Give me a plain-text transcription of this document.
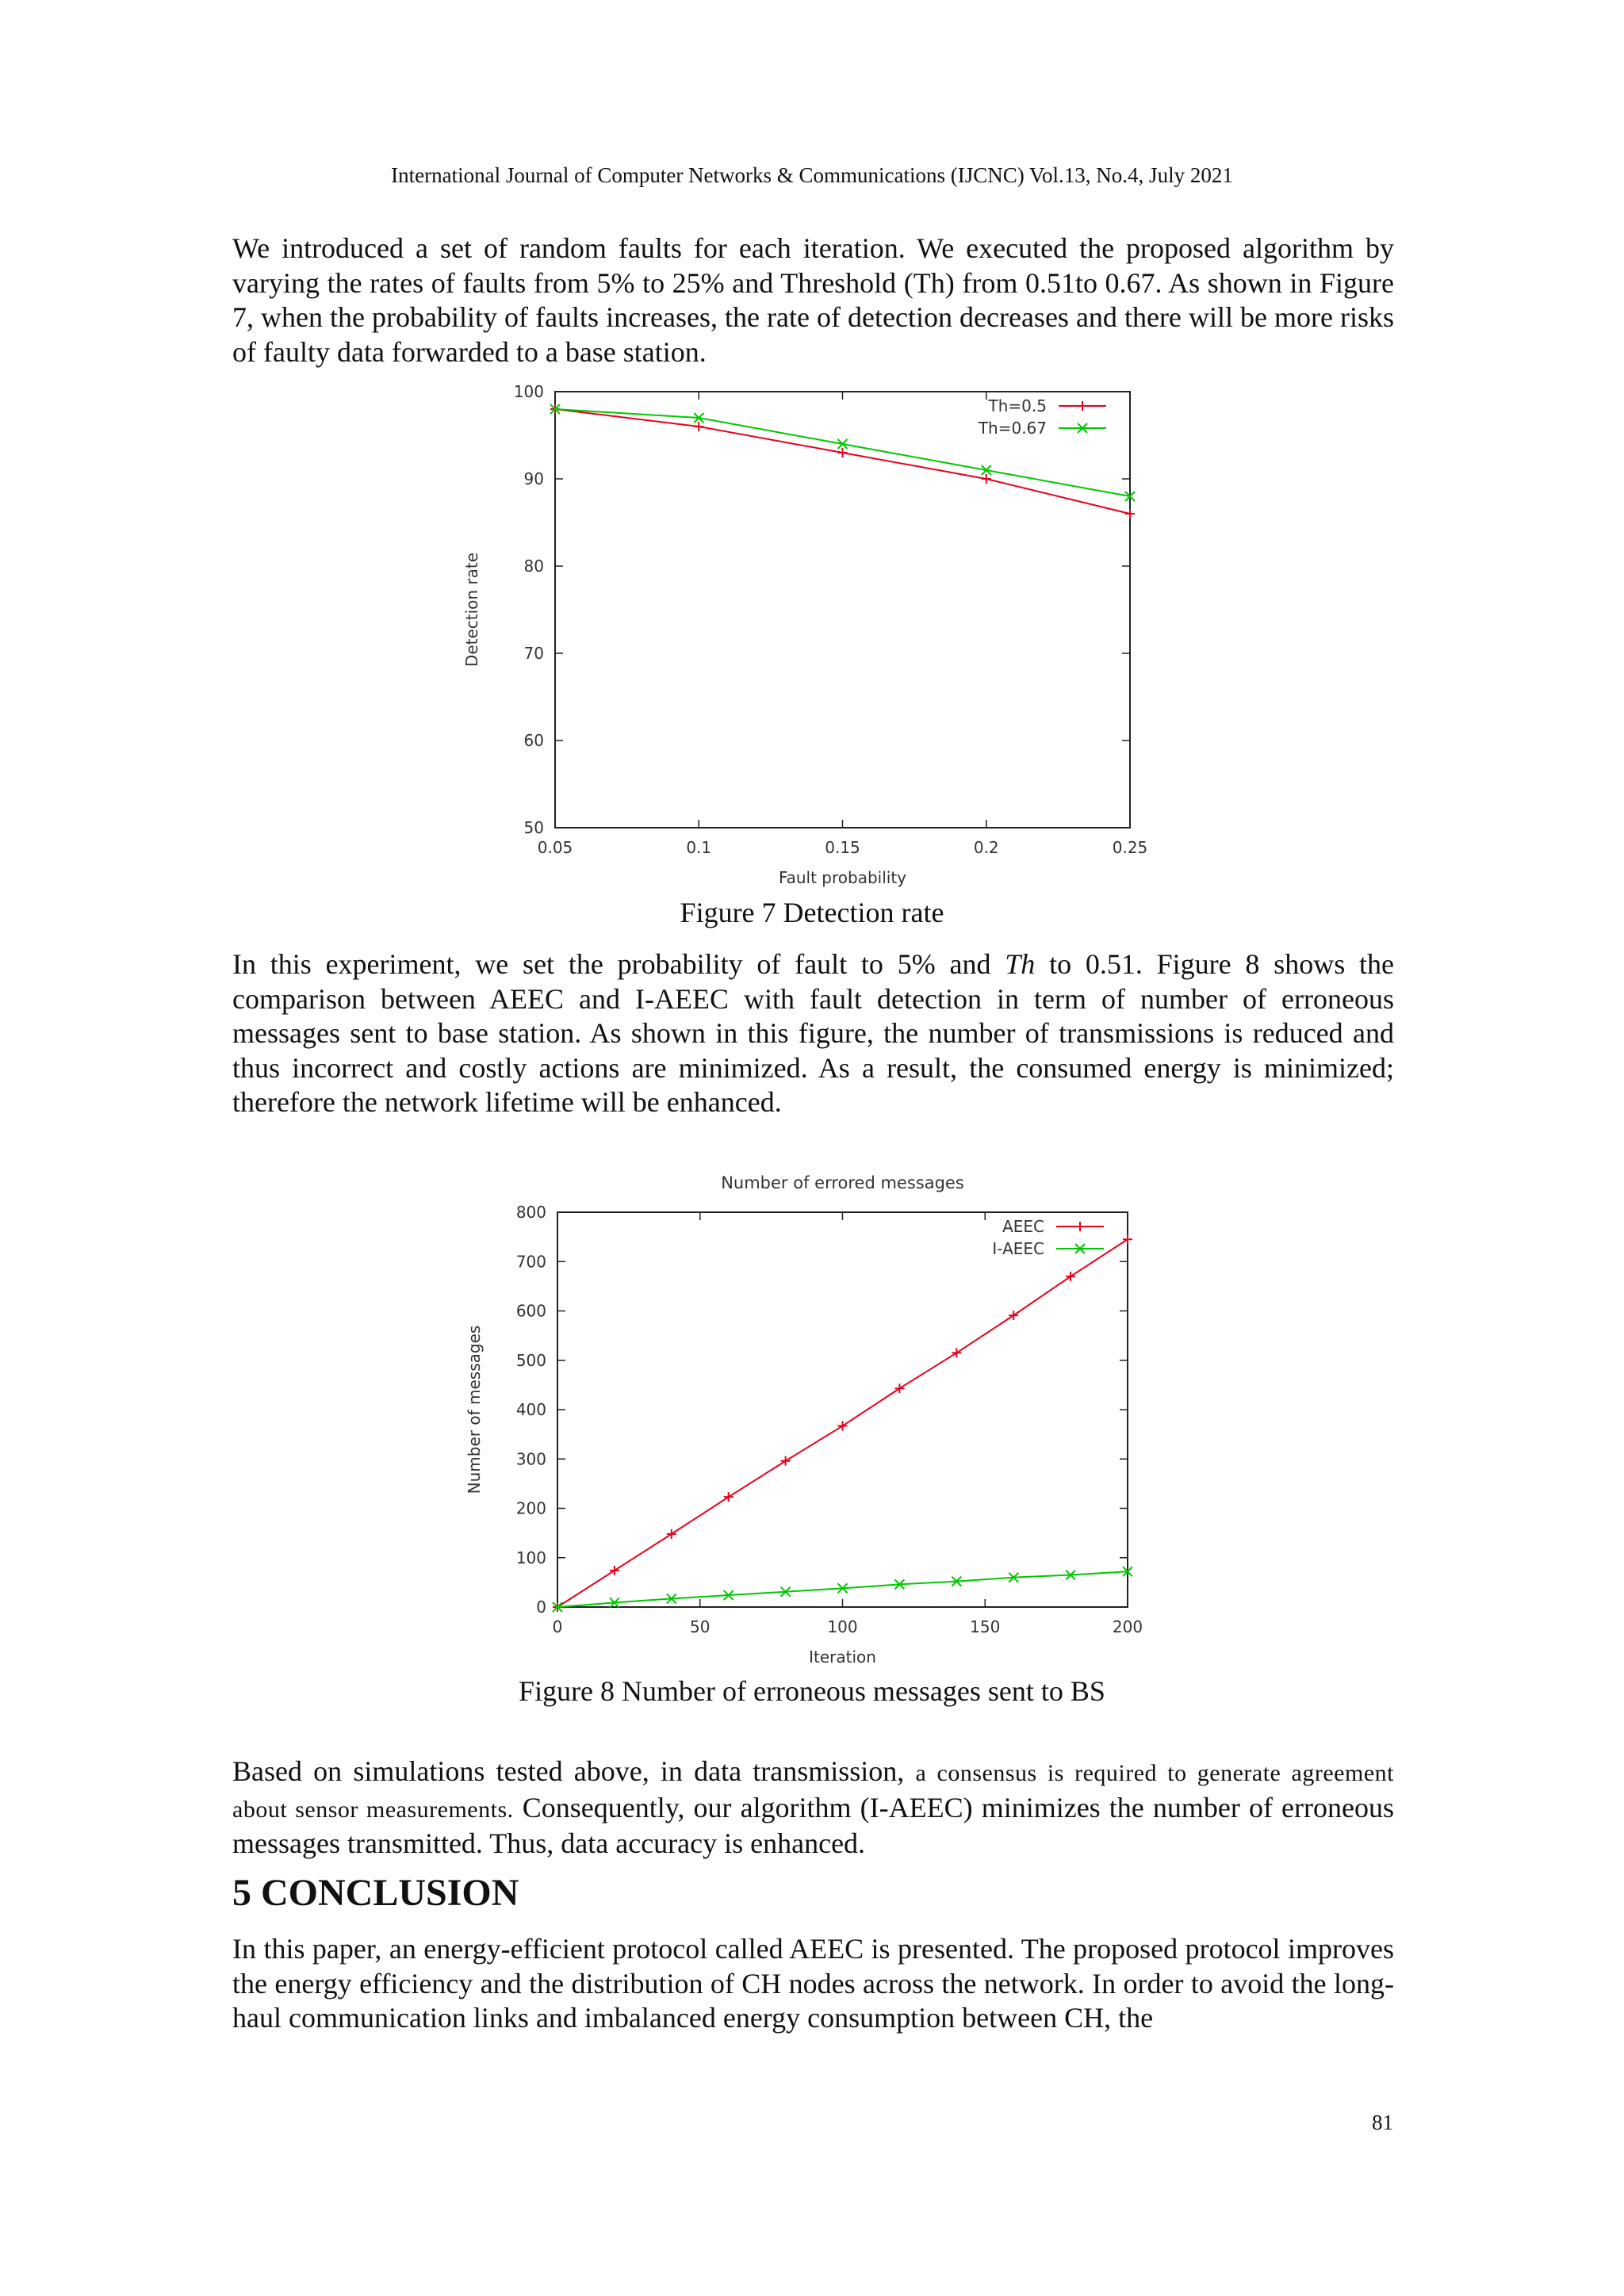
International Journal of Computer Networks & Communications (IJCNC) Vol.13, No.4, July 2021

We introduced a set of random faults for each iteration. We executed the proposed algorithm by varying the rates of faults from 5% to 25% and Threshold (Th) from 0.51to 0.67. As shown in Figure 7, when the probability of faults increases, the rate of detection decreases and there will be more risks of faulty data forwarded to a base station.

50
60
70
80
90
100
0.05	0.1	0.15	0.2	0.25
Fault probability
Detection rate
Th=0.5
Th=0.67
Figure 7 Detection rate

In this experiment, we set the probability of fault to 5% and Th to 0.51. Figure 8 shows the comparison between AEEC and I-AEEC with fault detection in term of number of erroneous messages sent to base station. As shown in this figure, the number of transmissions is reduced and thus incorrect and costly actions are minimized. As a result, the consumed energy is minimized; therefore the network lifetime will be enhanced.

Number of errored messages
0
100
200
300
400
500
600
700
800
0	50	100	150	200
Iteration
Number of messages
AEEC
I-AEEC
Figure 8 Number of erroneous messages sent to BS

Based on simulations tested above, in data transmission, a consensus is required to generate agreement about sensor measurements. Consequently, our algorithm (I-AEEC) minimizes the number of erroneous messages transmitted. Thus, data accuracy is enhanced.

5 CONCLUSION

In this paper, an energy-efficient protocol called AEEC is presented. The proposed protocol improves the energy efficiency and the distribution of CH nodes across the network. In order to avoid the long-haul communication links and imbalanced energy consumption between CH, the

81
